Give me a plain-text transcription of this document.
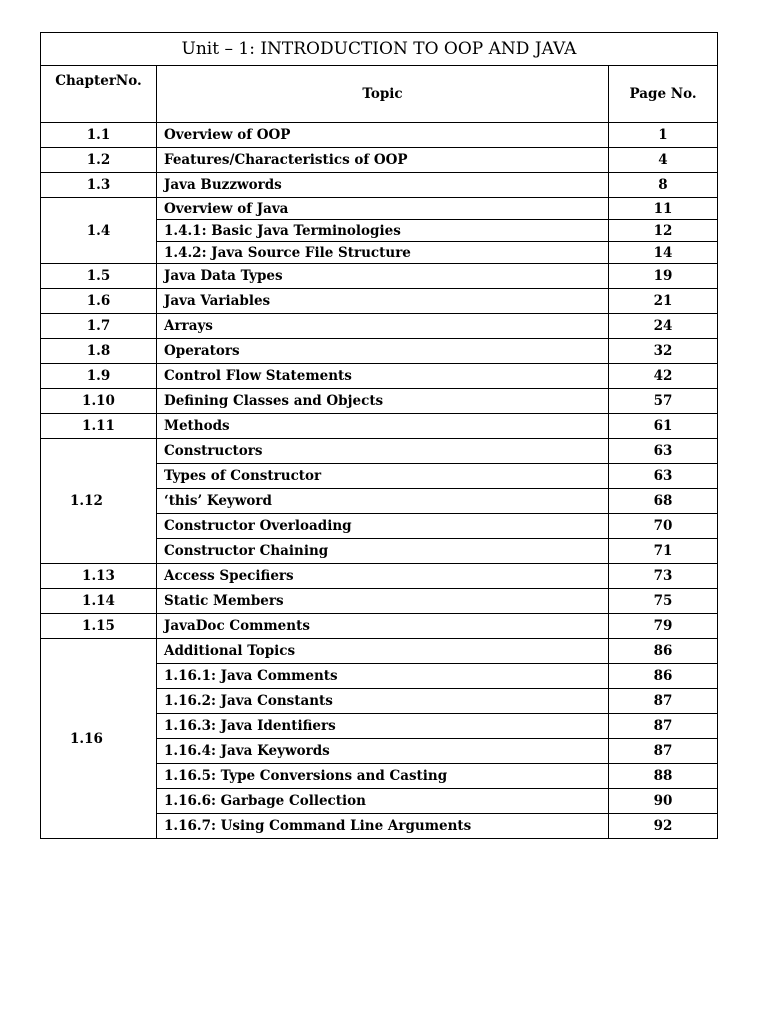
Unit – 1: INTRODUCTION TO OOP AND JAVA		
ChapterNo.	Topic	Page No.
1.1	Overview of OOP	1
1.2	Features/Characteristics of OOP	4
1.3	Java Buzzwords	8
1.4	Overview of Java	11
	1.4.1: Basic Java Terminologies	12
	1.4.2: Java Source File Structure	14
1.5	Java Data Types	19
1.6	Java Variables	21
1.7	Arrays	24
1.8	Operators	32
1.9	Control Flow Statements	42
1.10	Defining Classes and Objects	57
1.11	Methods	61
1.12	Constructors	63
	Types of Constructor	63
	‘this’ Keyword	68
	Constructor Overloading	70
	Constructor Chaining	71
1.13	Access Specifiers	73
1.14	Static Members	75
1.15	JavaDoc Comments	79
1.16	Additional Topics	86
	1.16.1: Java Comments	86
	1.16.2: Java Constants	87
	1.16.3: Java Identifiers	87
	1.16.4: Java Keywords	87
	1.16.5: Type Conversions and Casting	88
	1.16.6: Garbage Collection	90
	1.16.7: Using Command Line Arguments	92
